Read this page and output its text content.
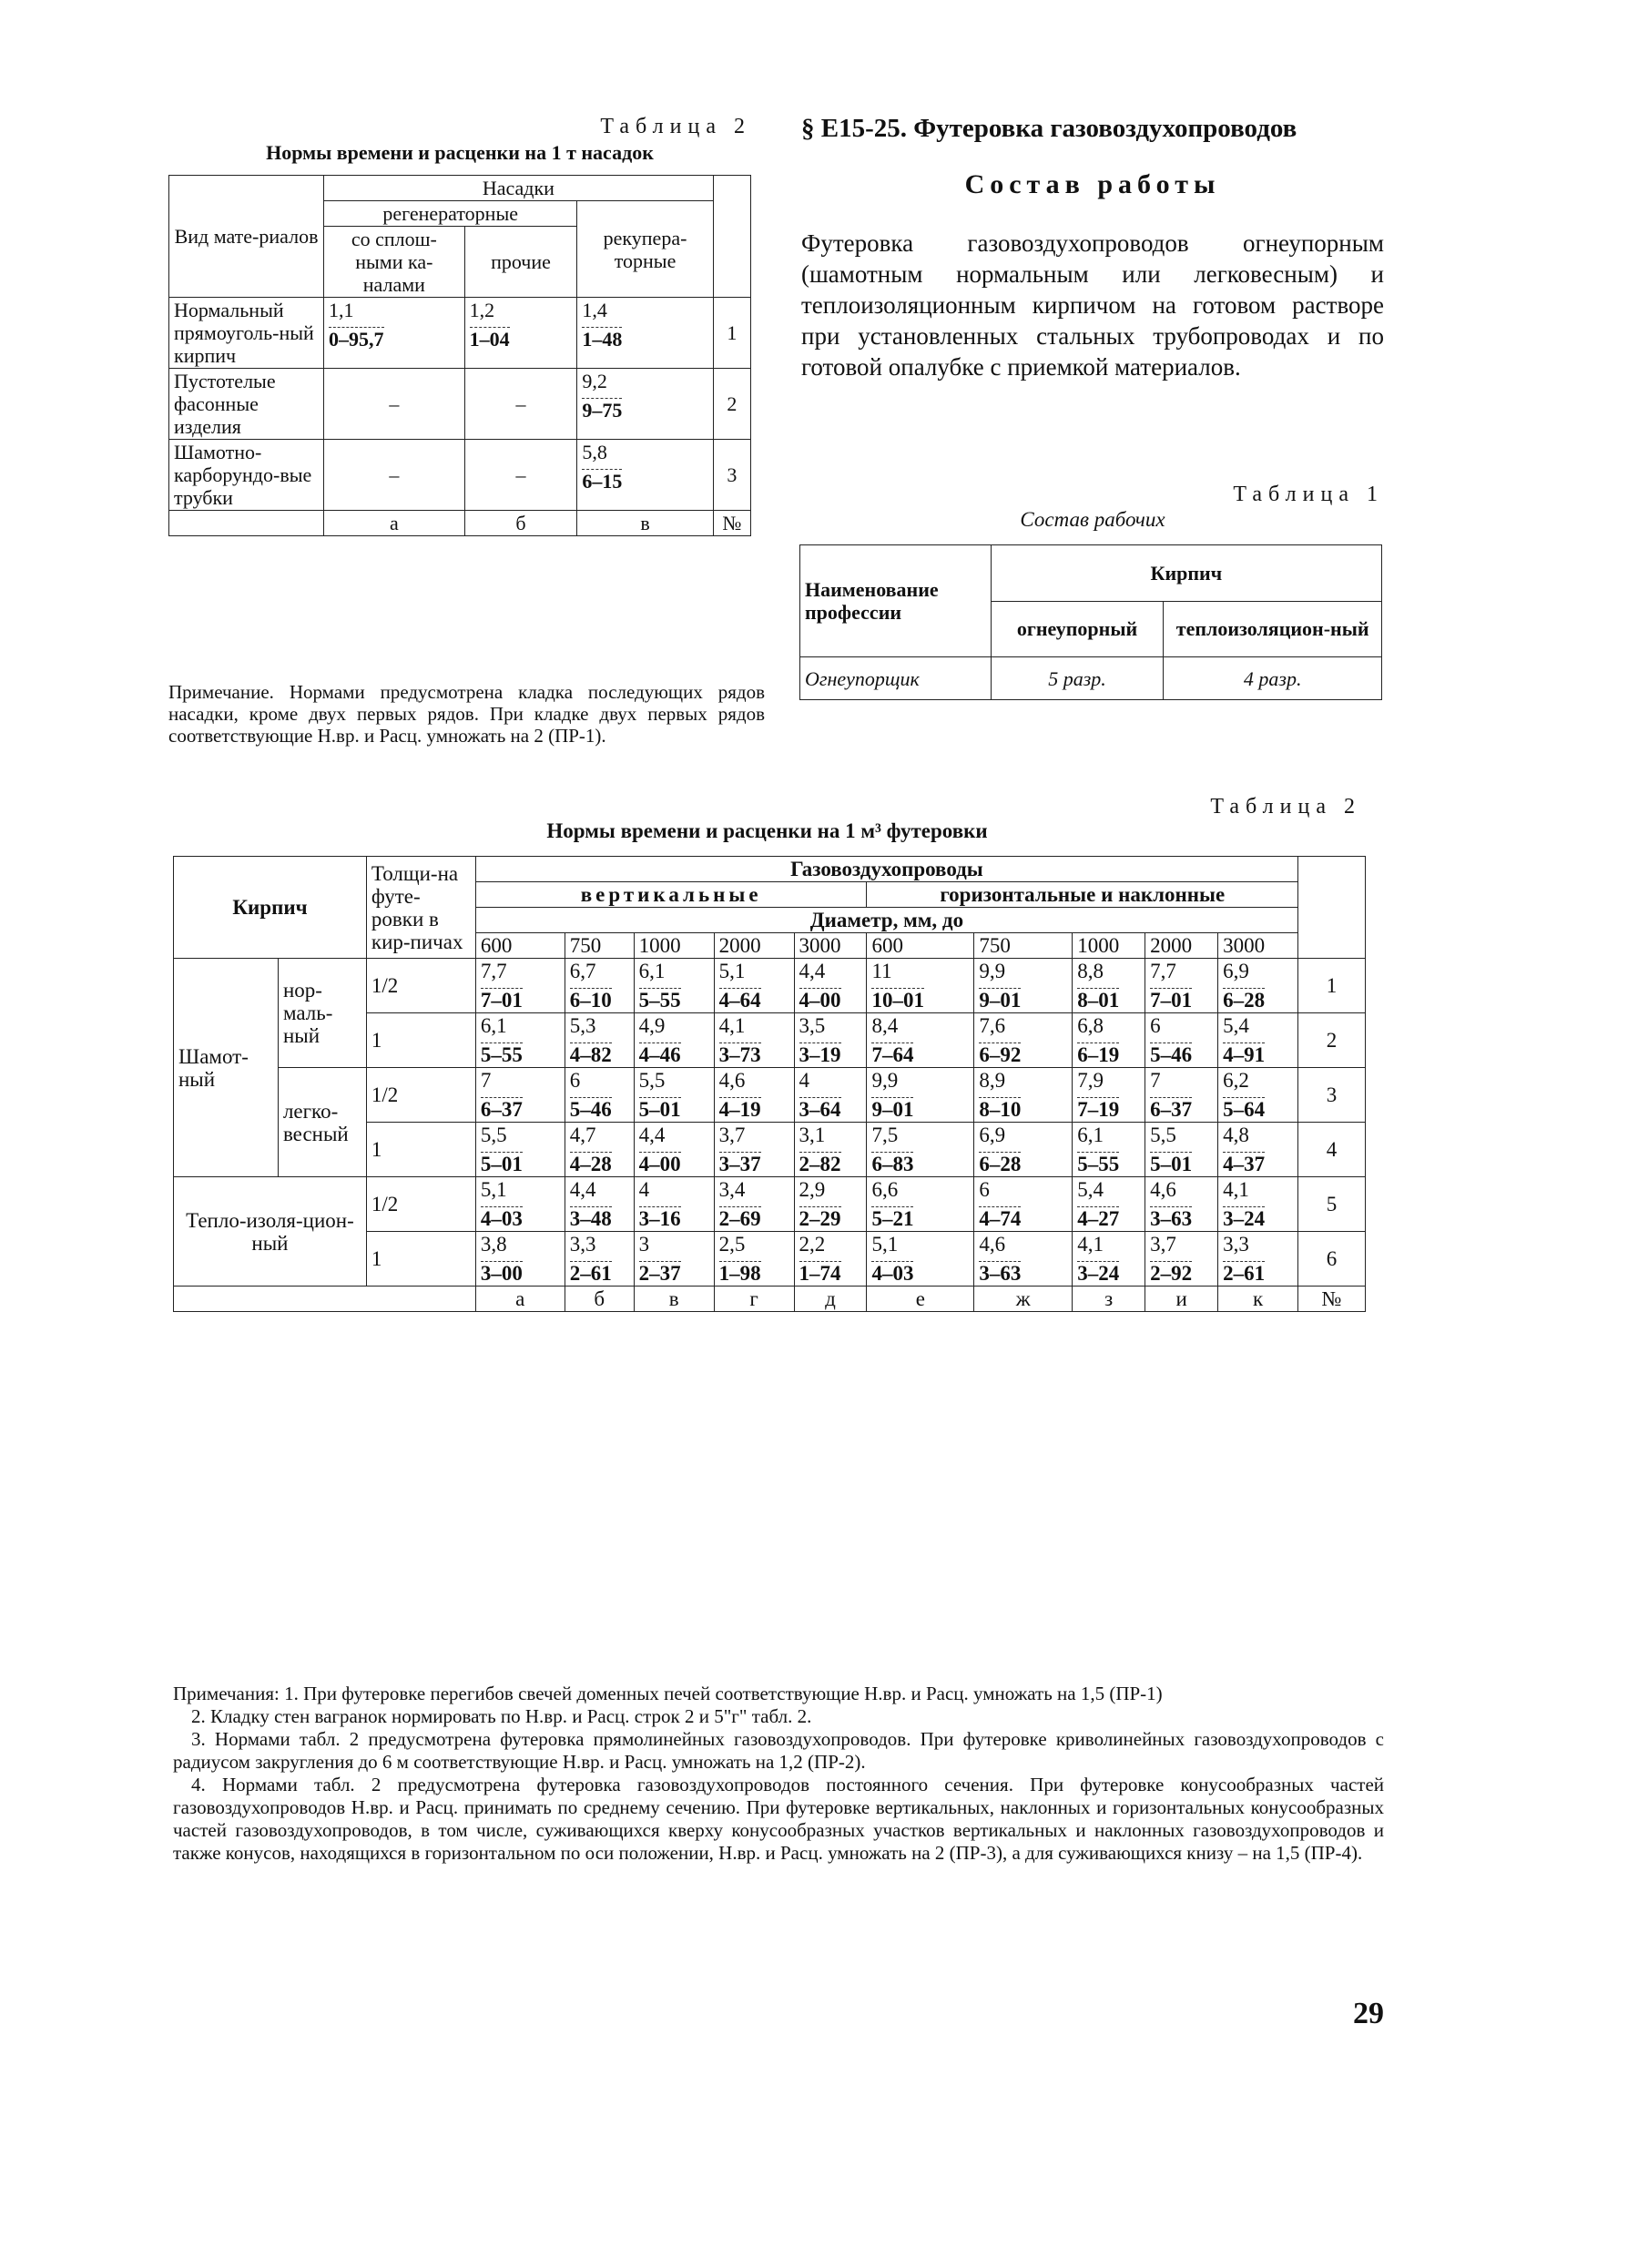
Таблица 2
Нормы времени и расценки на 1 т насадок
Вид мате-риалов	Насадки			
	регенераторные		рекупера-торные	
	со сплош-ными ка-налами	прочие		
Нормальный прямоуголь-ный кирпич	$\frac{1,1}{0-95,7}$	$\frac{1,2}{1-04}$	$\frac{1,4}{1-48}$	1
Пустотелые фасонные изделия	–	–	$\frac{9,2}{9-75}$	2
Шамотно-карборундо-вые трубки	–	–	$\frac{5,8}{6-15}$	3
	а	б	в	№
Примечание. Нормами предусмотрена кладка последующих рядов насадки, кроме двух первых рядов. При кладке двух первых рядов соответствующие Н.вр. и Расц. умножать на 2 (ПР-1).
§ Е15-25. Футеровка газовоздухопроводов
Состав работы
Футеровка газовоздухопроводов огнеупорным (шамотным нормальным или легковесным) и теплоизоляционным кирпичом на готовом растворе при установленных стальных трубопроводах и по готовой опалубке с приемкой материалов.
Таблица 1
Состав рабочих
Наименование профессии	Кирпич	
	огнеупорный	теплоизоляцион-ный
Огнеупорщик	5 разр.	4 разр.
Таблица 2
Нормы времени и расценки на 1 м³ футеровки
Кирпич		Толщи-на футе-ровки в кир-пичах	Газовоздухопроводы										
			вертикальные					горизонтальные и наклонные					
			Диаметр, мм, до										
			600	750	1000	2000	3000	600	750	1000	2000	3000	
Шамот-ный	нор-маль-ный	1/2	$\frac{7,7}{7-01}$	$\frac{6,7}{6-10}$	$\frac{6,1}{5-55}$	$\frac{5,1}{4-64}$	$\frac{4,4}{4-00}$	$\frac{11}{10-01}$	$\frac{9,9}{9-01}$	$\frac{8,8}{8-01}$	$\frac{7,7}{7-01}$	$\frac{6,9}{6-28}$	1
		1	$\frac{6,1}{5-55}$	$\frac{5,3}{4-82}$	$\frac{4,9}{4-46}$	$\frac{4,1}{3-73}$	$\frac{3,5}{3-19}$	$\frac{8,4}{7-64}$	$\frac{7,6}{6-92}$	$\frac{6,8}{6-19}$	$\frac{6}{5-46}$	$\frac{5,4}{4-91}$	2
	легко-весный	1/2	$\frac{7}{6-37}$	$\frac{6}{5-46}$	$\frac{5,5}{5-01}$	$\frac{4,6}{4-19}$	$\frac{4}{3-64}$	$\frac{9,9}{9-01}$	$\frac{8,9}{8-10}$	$\frac{7,9}{7-19}$	$\frac{7}{6-37}$	$\frac{6,2}{5-64}$	3
		1	$\frac{5,5}{5-01}$	$\frac{4,7}{4-28}$	$\frac{4,4}{4-00}$	$\frac{3,7}{3-37}$	$\frac{3,1}{2-82}$	$\frac{7,5}{6-83}$	$\frac{6,9}{6-28}$	$\frac{6,1}{5-55}$	$\frac{5,5}{5-01}$	$\frac{4,8}{4-37}$	4
Тепло-изоля-цион-ный		1/2	$\frac{5,1}{4-03}$	$\frac{4,4}{3-48}$	$\frac{4}{3-16}$	$\frac{3,4}{2-69}$	$\frac{2,9}{2-29}$	$\frac{6,6}{5-21}$	$\frac{6}{4-74}$	$\frac{5,4}{4-27}$	$\frac{4,6}{3-63}$	$\frac{4,1}{3-24}$	5
		1	$\frac{3,8}{3-00}$	$\frac{3,3}{2-61}$	$\frac{3}{2-37}$	$\frac{2,5}{1-98}$	$\frac{2,2}{1-74}$	$\frac{5,1}{4-03}$	$\frac{4,6}{3-63}$	$\frac{4,1}{3-24}$	$\frac{3,7}{2-92}$	$\frac{3,3}{2-61}$	6
			а	б	в	г	д	е	ж	з	и	к	№

Примечания: 1. При футеровке перегибов свечей доменных печей соответствующие Н.вр. и Расц. умножать на 1,5 (ПР-1)

2. Кладку стен вагранок нормировать по Н.вр. и Расц. строк 2 и 5"г" табл. 2.

3. Нормами табл. 2 предусмотрена футеровка прямолинейных газовоздухопроводов. При футеровке криволинейных газовоздухопроводов с радиусом закругления до 6 м соответствующие Н.вр. и Расц. умножать на 1,2 (ПР-2).

4. Нормами табл. 2 предусмотрена футеровка газовоздухопроводов постоянного сечения. При футеровке конусообразных частей газовоздухопроводов Н.вр. и Расц. принимать по среднему сечению. При футеровке вертикальных, наклонных и горизонтальных конусообразных частей газовоздухопроводов, в том числе, суживающихся кверху конусообразных участков вертикальных и наклонных газовоздухопроводов и также конусов, находящихся в горизонтальном по оси положении, Н.вр. и Расц. умножать на 2 (ПР-3), а для суживающихся книзу – на 1,5 (ПР-4).

29
